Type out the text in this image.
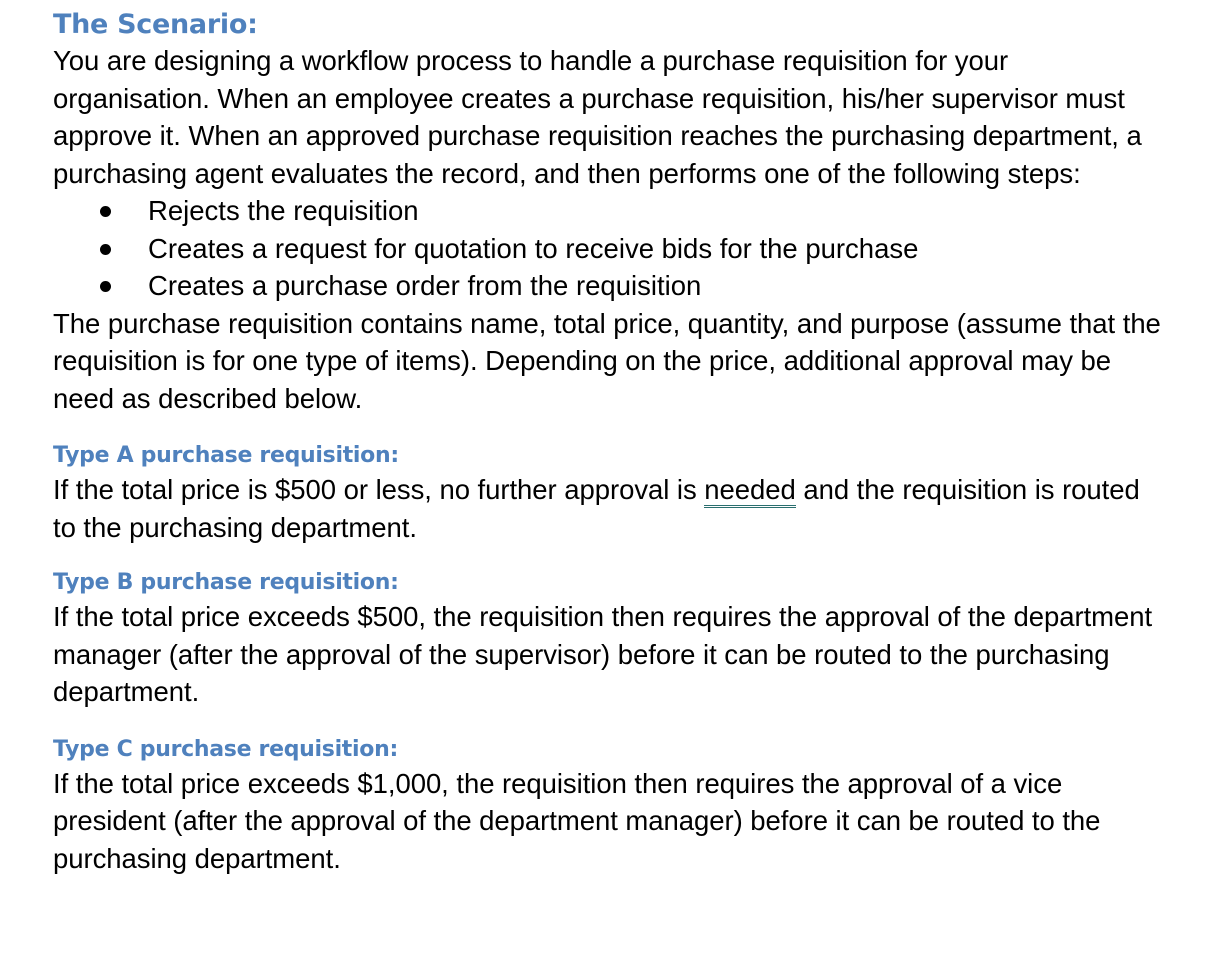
The Scenario:

You are designing a workflow process to handle a purchase requisition for your organisation. When an employee creates a purchase requisition, his/her supervisor must approve it. When an approved purchase requisition reaches the purchasing department, a purchasing agent evaluates the record, and then performs one of the following steps:

Rejects the requisition
Creates a request for quotation to receive bids for the purchase
Creates a purchase order from the requisition

The purchase requisition contains name, total price, quantity, and purpose (assume that the requisition is for one type of items). Depending on the price, additional approval may be need as described below.

Type A purchase requisition:

If the total price is $500 or less, no further approval is needed and the requisition is routed to the purchasing department.

Type B purchase requisition:

If the total price exceeds $500, the requisition then requires the approval of the department manager (after the approval of the supervisor) before it can be routed to the purchasing department.

Type C purchase requisition:

If the total price exceeds $1,000, the requisition then requires the approval of a vice president (after the approval of the department manager) before it can be routed to the purchasing department.
